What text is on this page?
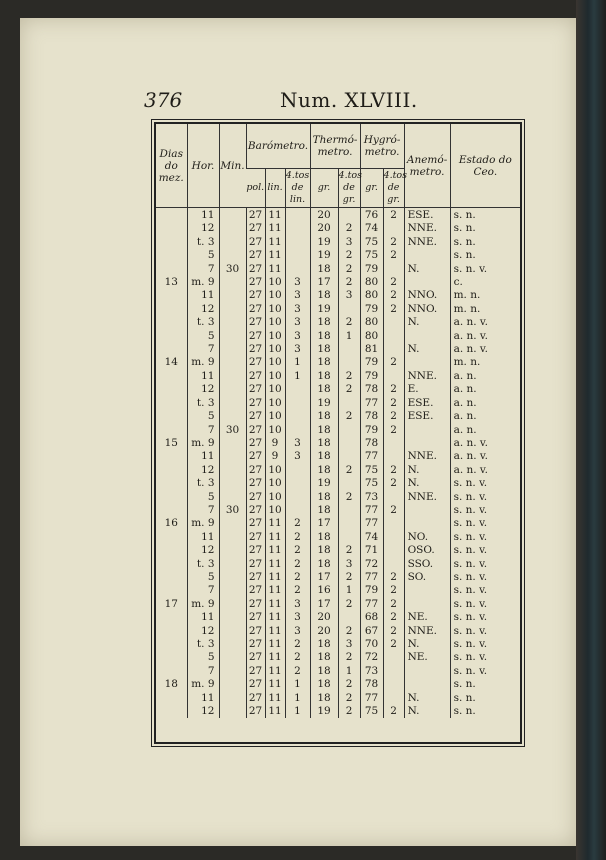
376	Num. XLVIII.
Dias do mez.	Hor.	Min.	Barómetro.			Thermó- metro.		Hygró- metro.		Anemó- metro.	Estado do Ceo.
			pol.	lin.	4.tos de lin.	gr.	4.tos de gr.	gr.	4.tos de gr.		
	11		27	11		20		76	2	ESE.	s. n.
	12		27	11		20	2	74		NNE.	s. n.
	t. 3		27	11		19	3	75	2	NNE.	s. n.
	5		27	11		19	2	75	2		s. n.
	7	30	27	11		18	2	79		N.	s. n. v.
13	m. 9		27	10	3	17	2	80	2		c.
	11		27	10	3	18	3	80	2	NNO.	m. n.
	12		27	10	3	19		79	2	NNO.	m. n.
	t. 3		27	10	3	18	2	80		N.	a. n. v.
	5		27	10	3	18	1	80			a. n. v.
	7		27	10	3	18		81		N.	a. n. v.
14	m. 9		27	10	1	18		79	2		m. n.
	11		27	10	1	18	2	79		NNE.	a. n.
	12		27	10		18	2	78	2	E.	a. n.
	t. 3		27	10		19		77	2	ESE.	a. n.
	5		27	10		18	2	78	2	ESE.	a. n.
	7	30	27	10		18		79	2		a. n.
15	m. 9		27	9	3	18		78			a. n. v.
	11		27	9	3	18		77		NNE.	a. n. v.
	12		27	10		18	2	75	2	N.	a. n. v.
	t. 3		27	10		19		75	2	N.	s. n. v.
	5		27	10		18	2	73		NNE.	s. n. v.
	7	30	27	10		18		77	2		s. n. v.
16	m. 9		27	11	2	17		77			s. n. v.
	11		27	11	2	18		74		NO.	s. n. v.
	12		27	11	2	18	2	71		OSO.	s. n. v.
	t. 3		27	11	2	18	3	72		SSO.	s. n. v.
	5		27	11	2	17	2	77	2	SO.	s. n. v.
	7		27	11	2	16	1	79	2		s. n. v.
17	m. 9		27	11	3	17	2	77	2		s. n. v.
	11		27	11	3	20		68	2	NE.	s. n. v.
	12		27	11	3	20	2	67	2	NNE.	s. n. v.
	t. 3		27	11	2	18	3	70	2	N.	s. n. v.
	5		27	11	2	18	2	72		NE.	s. n. v.
	7		27	11	2	18	1	73			s. n. v.
18	m. 9		27	11	1	18	2	78			s. n.
	11		27	11	1	18	2	77		N.	s. n.
	12		27	11	1	19	2	75	2	N.	s. n.
